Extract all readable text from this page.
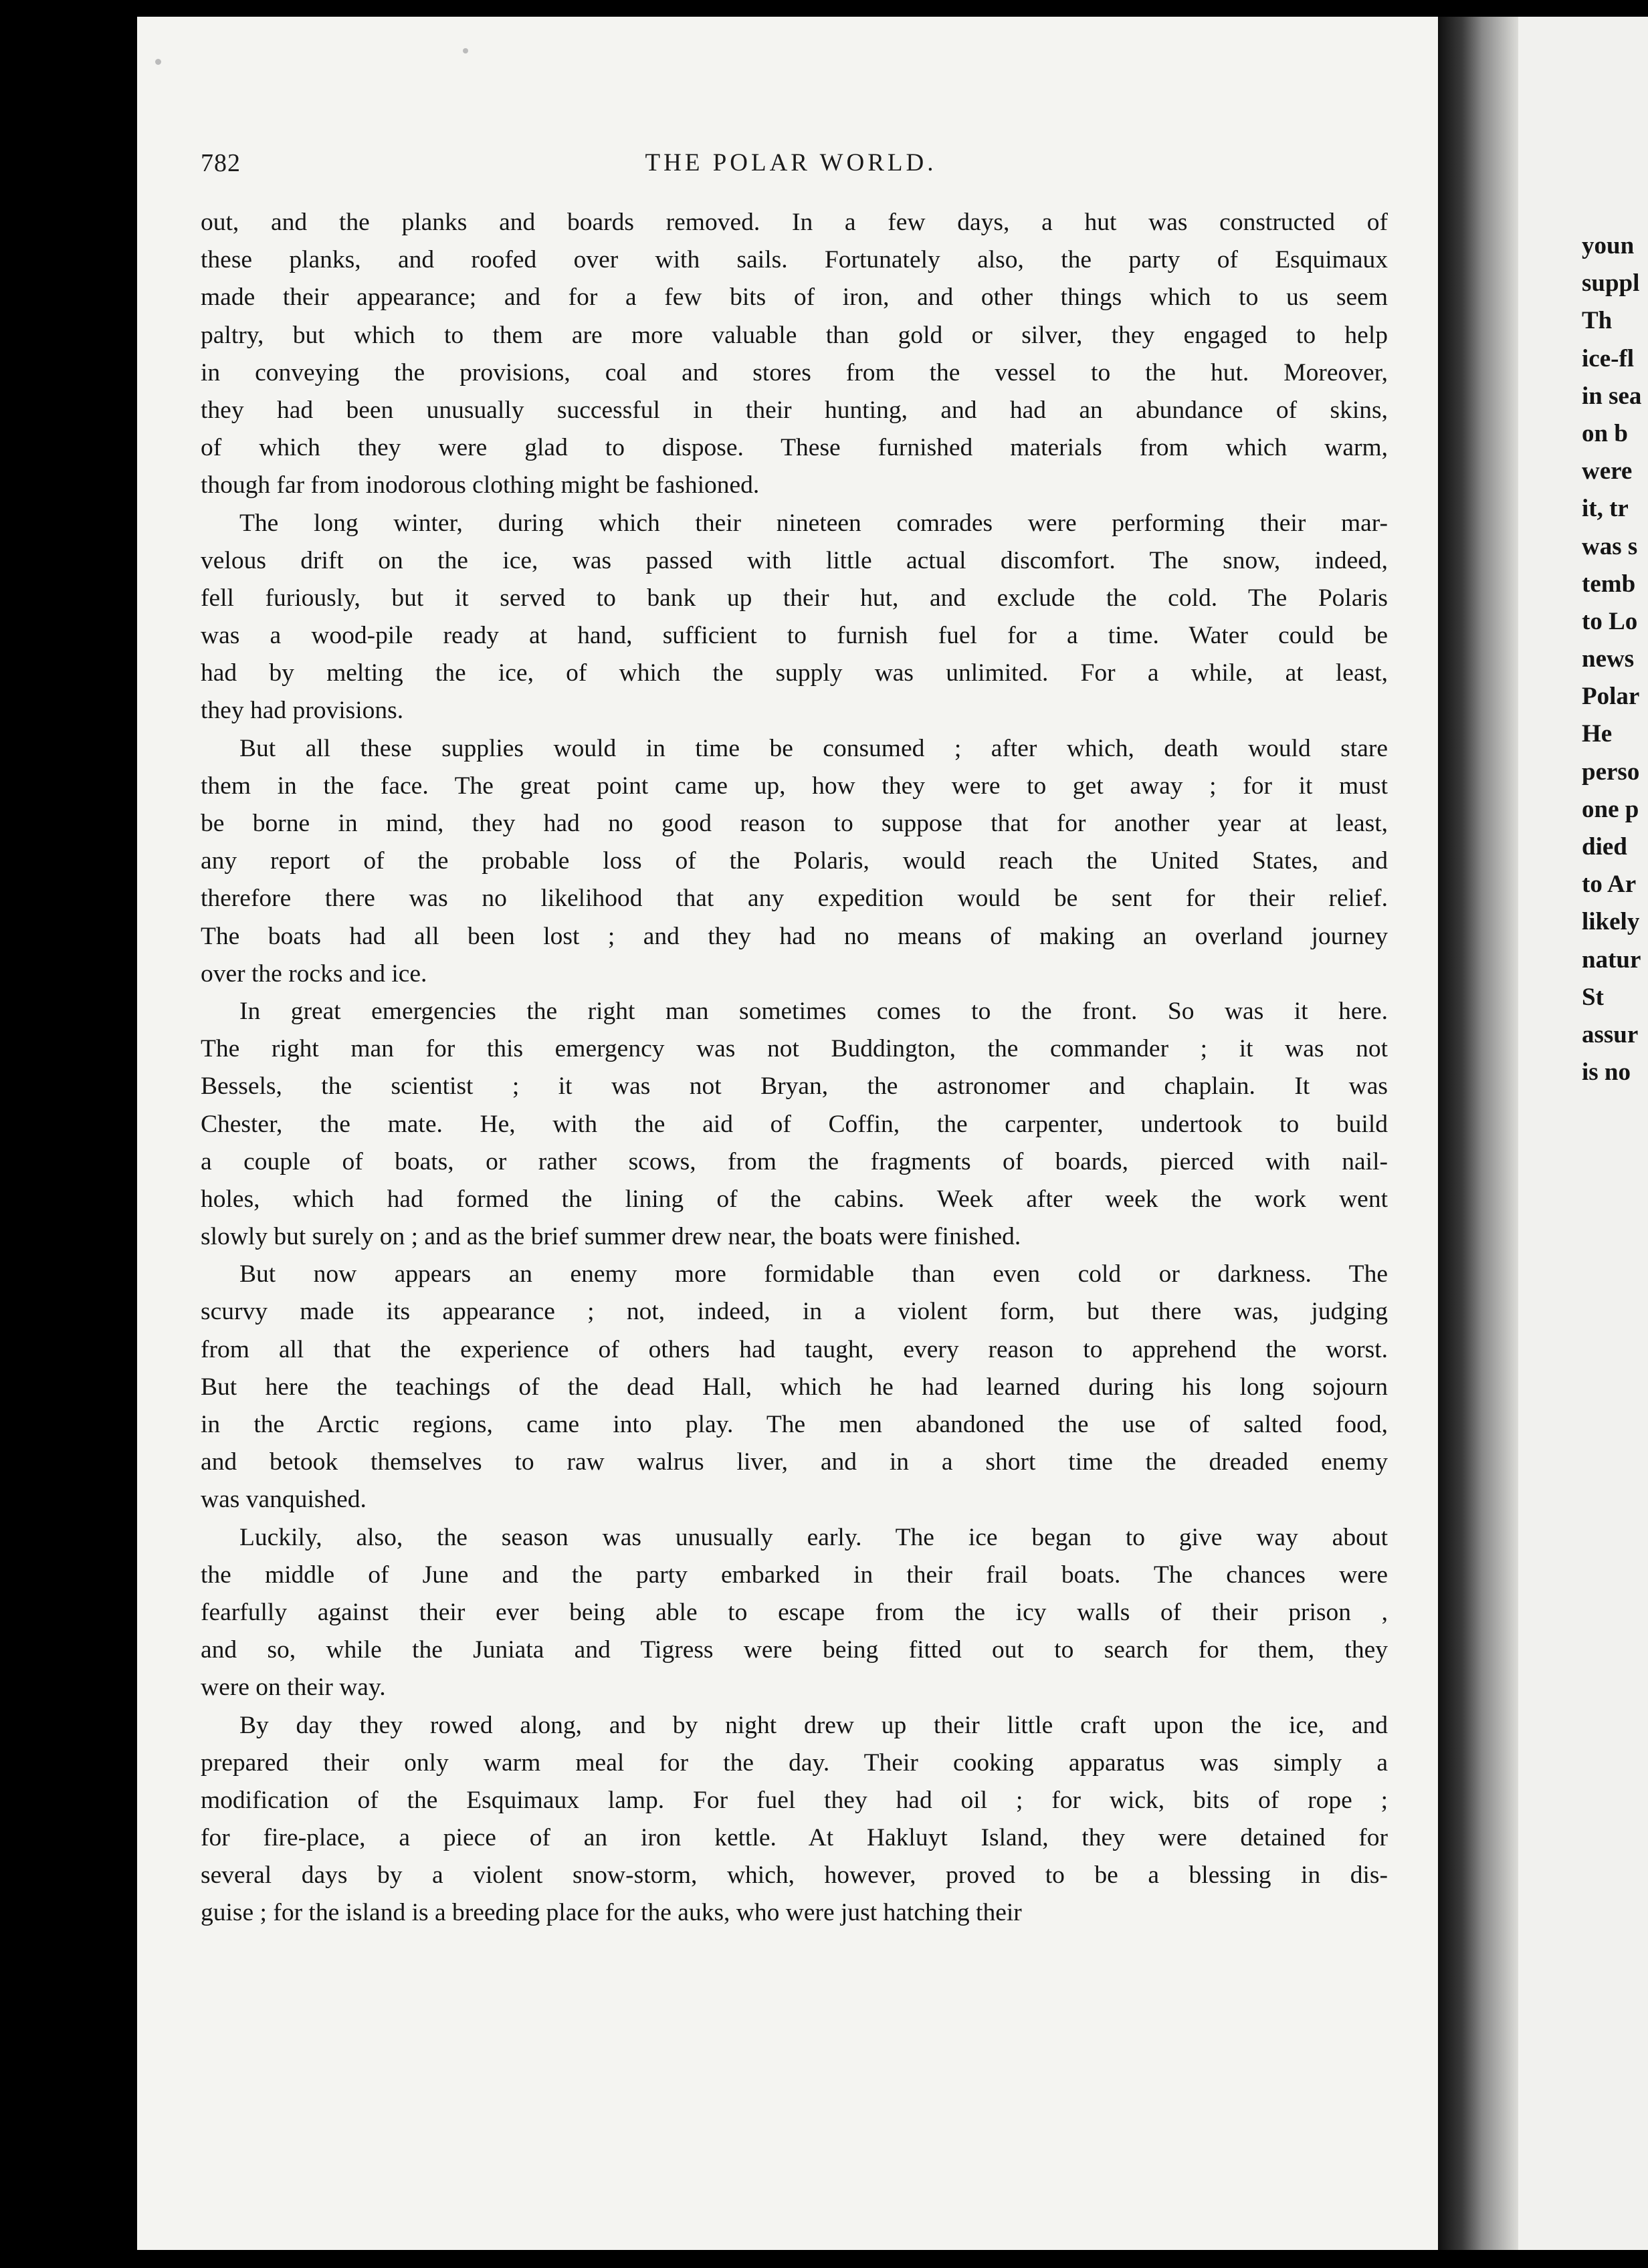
782	THE POLAR WORLD.
out, and the planks and boards removed. In a few days, a hut was constructed of
these planks, and roofed over with sails. Fortunately also, the party of Esquimaux
made their appearance; and for a few bits of iron, and other things which to us seem
paltry, but which to them are more valuable than gold or silver, they engaged to help
in conveying the provisions, coal and stores from the vessel to the hut. Moreover,
they had been unusually successful in their hunting, and had an abundance of skins,
of which they were glad to dispose. These furnished materials from which warm,
though far from inodorous clothing might be fashioned.
The long winter, during which their nineteen comrades were performing their mar-
velous drift on the ice, was passed with little actual discomfort. The snow, indeed,
fell furiously, but it served to bank up their hut, and exclude the cold. The Polaris
was a wood-pile ready at hand, sufficient to furnish fuel for a time. Water could be
had by melting the ice, of which the supply was unlimited. For a while, at least,
they had provisions.
But all these supplies would in time be consumed ; after which, death would stare
them in the face. The great point came up, how they were to get away ; for it must
be borne in mind, they had no good reason to suppose that for another year at least,
any report of the probable loss of the Polaris, would reach the United States, and
therefore there was no likelihood that any expedition would be sent for their relief.
The boats had all been lost ; and they had no means of making an overland journey
over the rocks and ice.
In great emergencies the right man sometimes comes to the front. So was it here.
The right man for this emergency was not Buddington, the commander ; it was not
Bessels, the scientist ; it was not Bryan, the astronomer and chaplain. It was
Chester, the mate. He, with the aid of Coffin, the carpenter, undertook to build
a couple of boats, or rather scows, from the fragments of boards, pierced with nail-
holes, which had formed the lining of the cabins. Week after week the work went
slowly but surely on ; and as the brief summer drew near, the boats were finished.
But now appears an enemy more formidable than even cold or darkness. The
scurvy made its appearance ; not, indeed, in a violent form, but there was, judging
from all that the experience of others had taught, every reason to apprehend the worst.
But here the teachings of the dead Hall, which he had learned during his long sojourn
in the Arctic regions, came into play. The men abandoned the use of salted food,
and betook themselves to raw walrus liver, and in a short time the dreaded enemy
was vanquished.
Luckily, also, the season was unusually early. The ice began to give way about
the middle of June and the party embarked in their frail boats. The chances were
fearfully against their ever being able to escape from the icy walls of their prison ,
and so, while the Juniata and Tigress were being fitted out to search for them, they
were on their way.
By day they rowed along, and by night drew up their little craft upon the ice, and
prepared their only warm meal for the day. Their cooking apparatus was simply a
modification of the Esquimaux lamp. For fuel they had oil ; for wick, bits of rope ;
for fire-place, a piece of an iron kettle. At Hakluyt Island, they were detained for
several days by a violent snow-storm, which, however, proved to be a blessing in dis-
guise ; for the island is a breeding place for the auks, who were just hatching their
youn
suppl
Th
ice-fl
in sea
on b
were
it, tr
was s
temb
to Lo
news
Polar
He
perso
one p
died
to Ar
likely
natur
St
assur
is no
